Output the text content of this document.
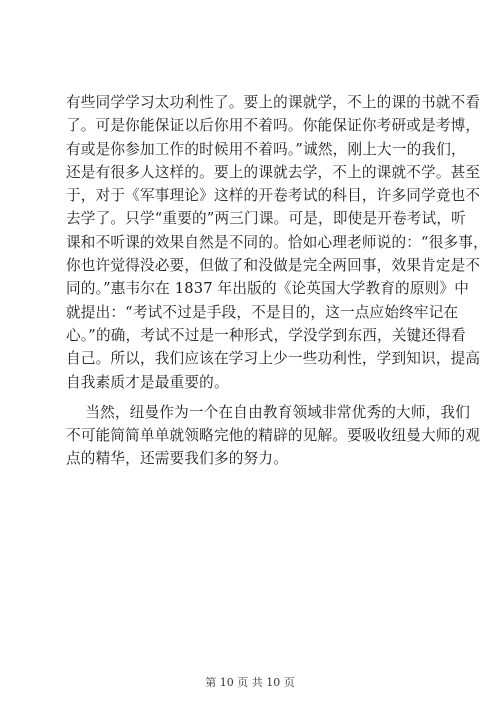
有些同学学习太功利性了。要上的课就学，不上的课的书就不看
了。可是你能保证以后你用不着吗。你能保证你考研或是考博，
有或是你参加工作的时候用不着吗。”诚然，刚上大一的我们，
还是有很多人这样的。要上的课就去学，不上的课就不学。甚至
于，对于《军事理论》这样的开卷考试的科目，许多同学竟也不
去学了。只学“重要的”两三门课。可是，即使是开卷考试，听
课和不听课的效果自然是不同的。恰如心理老师说的：“很多事，
你也许觉得没必要，但做了和没做是完全两回事，效果肯定是不
同的。”惠韦尔在 1837 年出版的《论英国大学教育的原则》中
就提出：“考试不过是手段，不是目的，这一点应始终牢记在
心。”的确，考试不过是一种形式，学没学到东西，关键还得看
自己。所以，我们应该在学习上少一些功利性，学到知识，提高
自我素质才是最重要的。
当然，纽曼作为一个在自由教育领域非常优秀的大师，我们
不可能简简单单就领略完他的精辟的见解。要吸收纽曼大师的观
点的精华，还需要我们多的努力。
第 10 页 共 10 页
